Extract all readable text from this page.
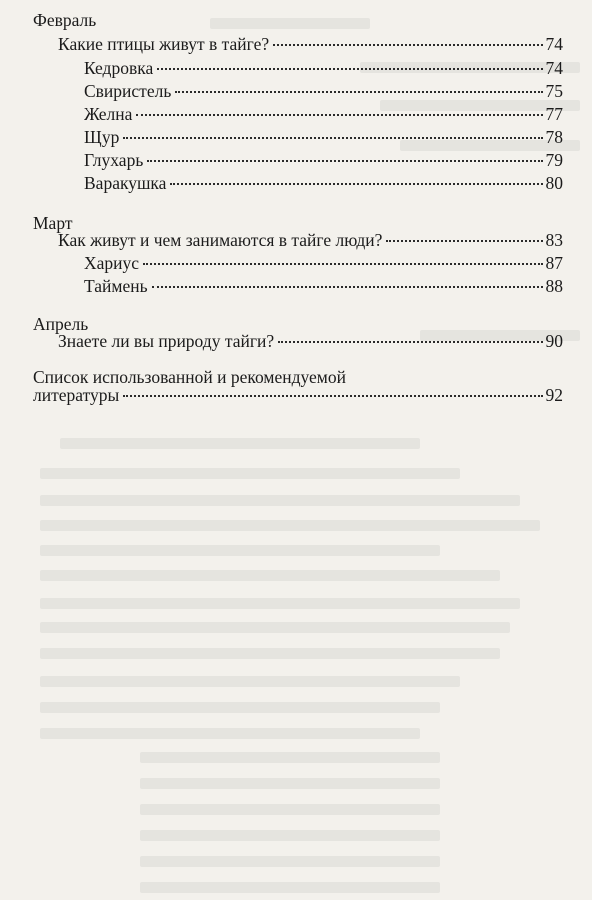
Февраль
Какие птицы живут в тайге?	74
Кедровка	74
Свиристель	75
Желна	77
Щур	78
Глухарь	79
Варакушка	80
Март
Как живут и чем занимаются в тайге люди?	83
Хариус	87
Таймень	88
Апрель
Знаете ли вы природу тайги?	90
Список использованной и рекомендуемой
литературы	92
